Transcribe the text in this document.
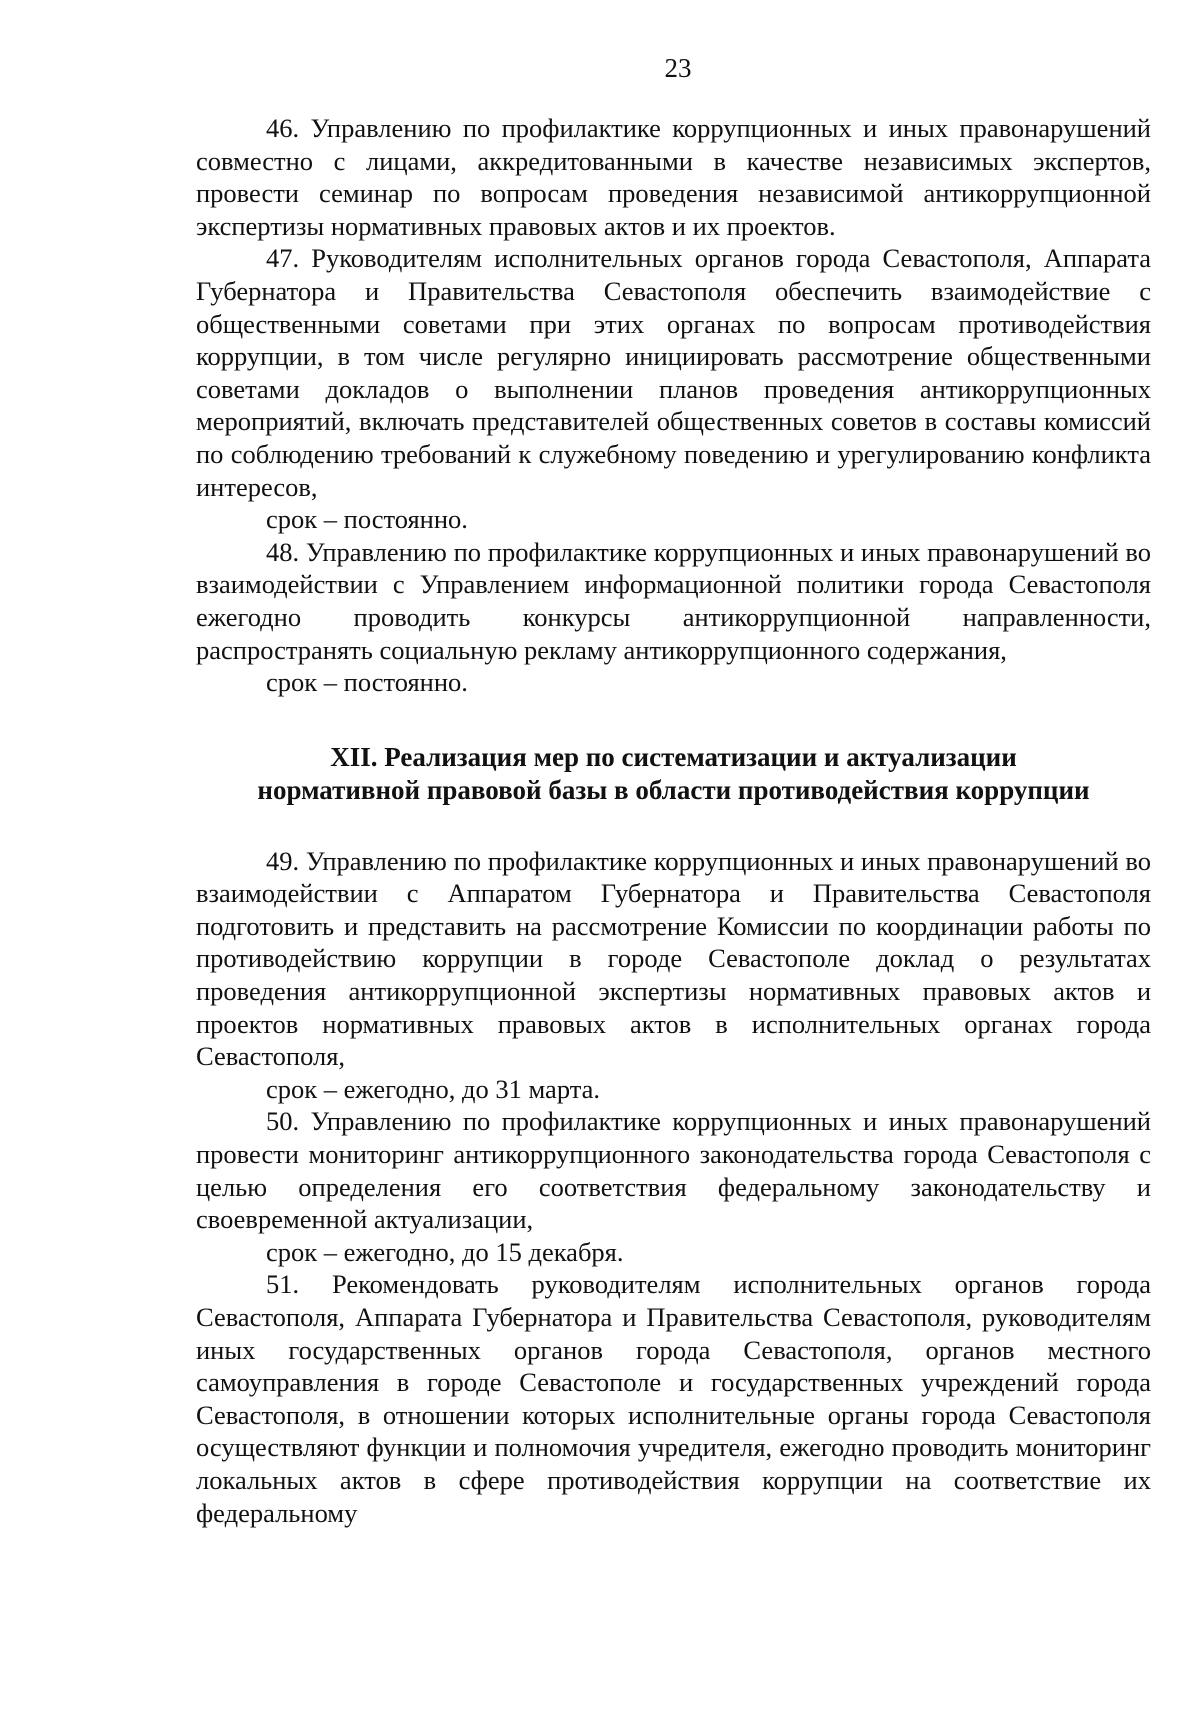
23

46. Управлению по профилактике коррупционных и иных правонарушений совместно с лицами, аккредитованными в качестве независимых экспертов, провести семинар по вопросам проведения независимой антикоррупционной экспертизы нормативных правовых актов и их проектов.

47. Руководителям исполнительных органов города Севастополя, Аппарата Губернатора и Правительства Севастополя обеспечить взаимодействие с общественными советами при этих органах по вопросам противодействия коррупции, в том числе регулярно инициировать рассмотрение общественными советами докладов о выполнении планов проведения антикоррупционных мероприятий, включать представителей общественных советов в составы комиссий по соблюдению требований к служебному поведению и урегулированию конфликта интересов,

срок – постоянно.

48. Управлению по профилактике коррупционных и иных правонарушений во взаимодействии с Управлением информационной политики города Севастополя ежегодно проводить конкурсы антикоррупционной направленности, распространять социальную рекламу антикоррупционного содержания,

срок – постоянно.

XII. Реализация мер по систематизации и актуализации
нормативной правовой базы в области противодействия коррупции

49. Управлению по профилактике коррупционных и иных правонарушений во взаимодействии с Аппаратом Губернатора и Правительства Севастополя подготовить и представить на рассмотрение Комиссии по координации работы по противодействию коррупции в городе Севастополе доклад о результатах проведения антикоррупционной экспертизы нормативных правовых актов и проектов нормативных правовых актов в исполнительных органах города Севастополя,

срок – ежегодно, до 31 марта.

50. Управлению по профилактике коррупционных и иных правонарушений провести мониторинг антикоррупционного законодательства города Севастополя с целью определения его соответствия федеральному законодательству и своевременной актуализации,

срок – ежегодно, до 15 декабря.

51. Рекомендовать руководителям исполнительных органов города Севастополя, Аппарата Губернатора и Правительства Севастополя, руководителям иных государственных органов города Севастополя, органов местного самоуправления в городе Севастополе и государственных учреждений города Севастополя, в отношении которых исполнительные органы города Севастополя осуществляют функции и полномочия учредителя, ежегодно проводить мониторинг локальных актов в сфере противодействия коррупции на соответствие их федеральному
